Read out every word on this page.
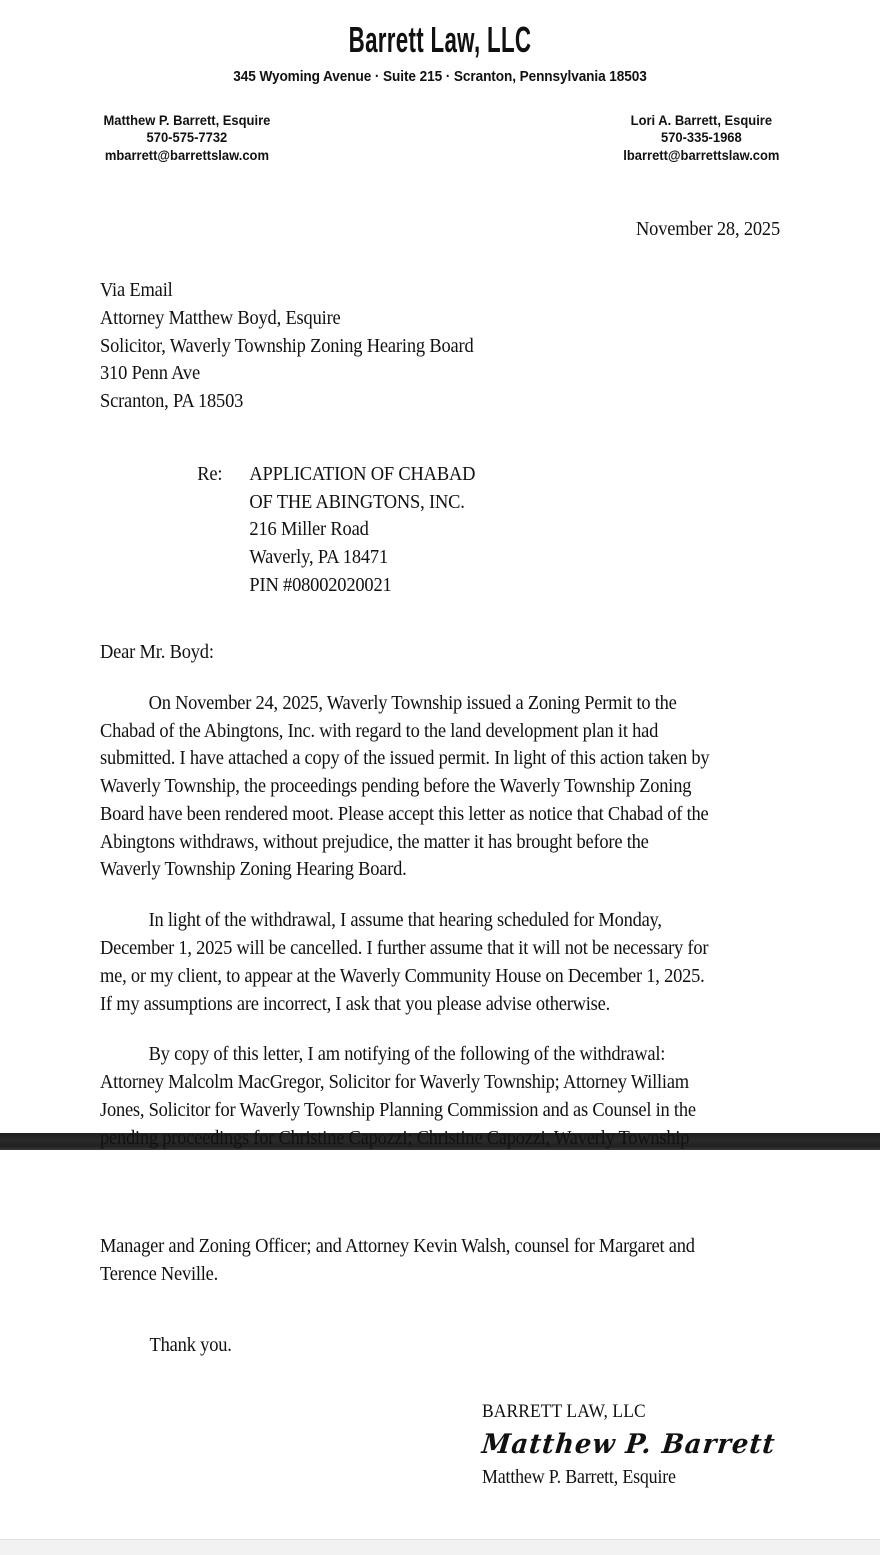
Barrett Law, LLC
345 Wyoming Avenue · Suite 215 · Scranton, Pennsylvania 18503
Matthew P. Barrett, Esquire
570-575-7732
mbarrett@barrettslaw.com
Lori A. Barrett, Esquire
570-335-1968
lbarrett@barrettslaw.com
November 28, 2025
Via Email
Attorney Matthew Boyd, Esquire
Solicitor, Waverly Township Zoning Hearing Board
310 Penn Ave
Scranton, PA 18503
Re:	APPLICATION OF CHABAD
OF THE ABINGTONS, INC.
216 Miller Road
Waverly, PA 18471
PIN #08002020021
Dear Mr. Boyd:
On November 24, 2025, Waverly Township issued a Zoning Permit to the Chabad of the Abingtons, Inc. with regard to the land development plan it had submitted. I have attached a copy of the issued permit. In light of this action taken by Waverly Township, the proceedings pending before the Waverly Township Zoning Board have been rendered moot. Please accept this letter as notice that Chabad of the Abingtons withdraws, without prejudice, the matter it has brought before the Waverly Township Zoning Hearing Board.
In light of the withdrawal, I assume that hearing scheduled for Monday, December 1, 2025 will be cancelled. I further assume that it will not be necessary for me, or my client, to appear at the Waverly Community House on December 1, 2025. If my assumptions are incorrect, I ask that you please advise otherwise.
By copy of this letter, I am notifying of the following of the withdrawal: Attorney Malcolm MacGregor, Solicitor for Waverly Township; Attorney William Jones, Solicitor for Waverly Township Planning Commission and as Counsel in the pending proceedings for Christine Capozzi; Christine Capozzi, Waverly Township
Manager and Zoning Officer; and Attorney Kevin Walsh, counsel for Margaret and Terence Neville.
Thank you.
BARRETT LAW, LLC
Matthew P. Barrett
Matthew P. Barrett, Esquire
